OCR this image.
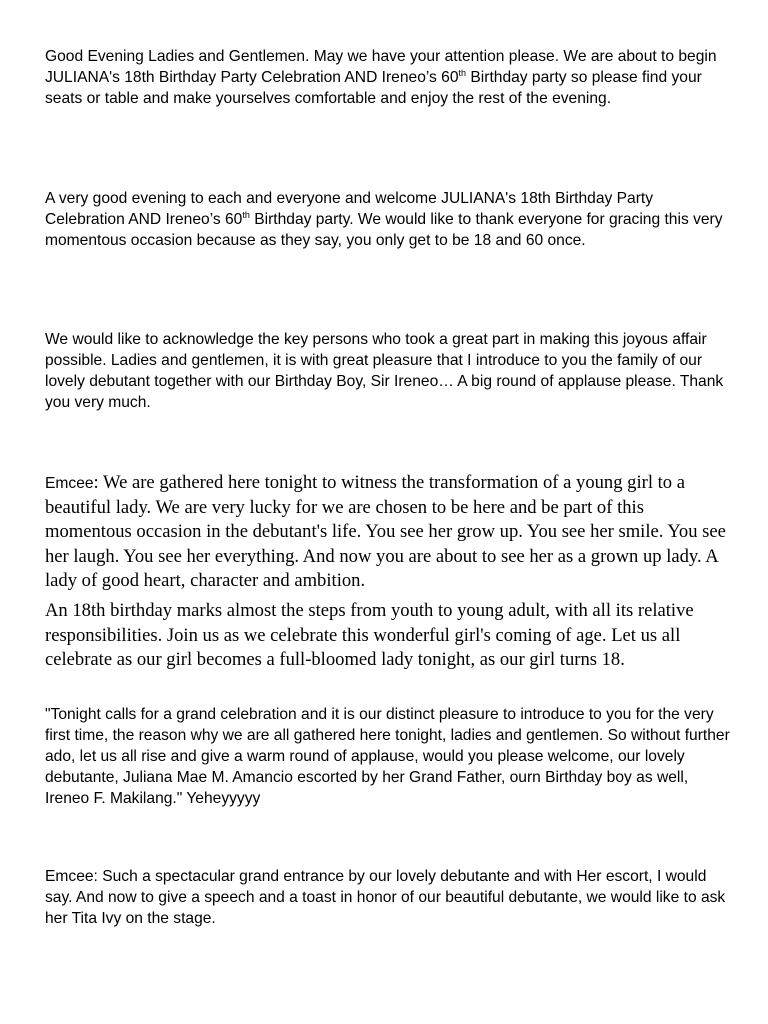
Good Evening Ladies and Gentlemen. May we have your attention please. We are about to begin JULIANA's 18th Birthday Party Celebration AND Ireneo’s 60th Birthday party so please find your seats or table and make yourselves comfortable and enjoy the rest of the evening.

A very good evening to each and everyone and welcome JULIANA's 18th Birthday Party Celebration AND Ireneo’s 60th Birthday party. We would like to thank everyone for gracing this very momentous occasion because as they say, you only get to be 18 and 60 once.

We would like to acknowledge the key persons who took a great part in making this joyous affair possible. Ladies and gentlemen, it is with great pleasure that I introduce to you the family of our lovely debutant together with our Birthday Boy, Sir Ireneo… A big round of applause please. Thank you very much.

Emcee: We are gathered here tonight to witness the transformation of a young girl to a beautiful lady. We are very lucky for we are chosen to be here and be part of this momentous occasion in the debutant's life. You see her grow up. You see her smile. You see her laugh. You see her everything. And now you are about to see her as a grown up lady. A lady of good heart, character and ambition.

An 18th birthday marks almost the steps from youth to young adult, with all its relative responsibilities. Join us as we celebrate this wonderful girl's coming of age. Let us all celebrate as our girl becomes a full-bloomed lady tonight, as our girl turns 18.

"Tonight calls for a grand celebration and it is our distinct pleasure to introduce to you for the very first time, the reason why we are all gathered here tonight, ladies and gentlemen. So without further ado, let us all rise and give a warm round of applause, would you please welcome, our lovely debutante, Juliana Mae M. Amancio escorted by her Grand Father, ourn Birthday boy as well, Ireneo F. Makilang." Yeheyyyyy

Emcee: Such a spectacular grand entrance by our lovely debutante and with Her escort, I would say. And now to give a speech and a toast in honor of our beautiful debutante, we would like to ask her Tita Ivy on the stage.
